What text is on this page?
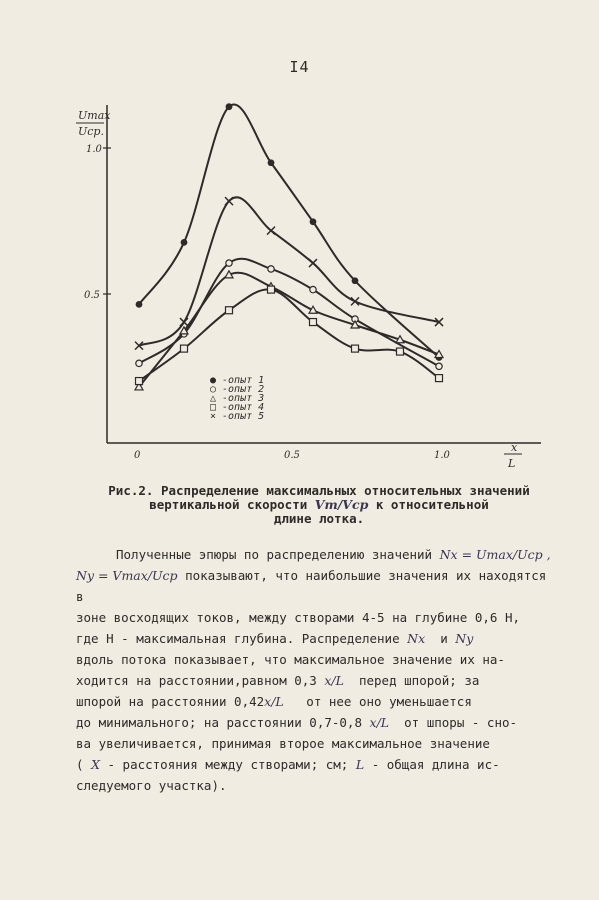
I4
Umax
Ucp.
1.0
0.5
0	0.5	1.0
x
L
● -опыт 1
○ -опыт 2
△ -опыт 3
□ -опыт 4
× -опыт 5
Рис.2. Распределение максимальных относительных значений
вертикальной скорости Vm/Vcp к относительной
длине лотка.

Полученные эпюры по распределению значений Nx = Umax/Ucp ,

Ny = Vmax/Ucp показывают, что наибольшие значения их находятся в

зоне восходящих токов, между створами 4-5 на глубине 0,6 Н,

где Н - максимальная глубина. Распределение Nx и Ny

вдоль потока показывает, что максимальное значение их на-

ходится на расстоянии,равном 0,3 x/L перед шпорой; за

шпорой на расстоянии 0,42x/L от нее оно уменьшается

до минимального; на расстоянии 0,7-0,8 x/L от шпоры - сно-

ва увеличивается, принимая второе максимальное значение

( X - расстояния между створами; см; L - общая длина ис-

следуемого участка).
